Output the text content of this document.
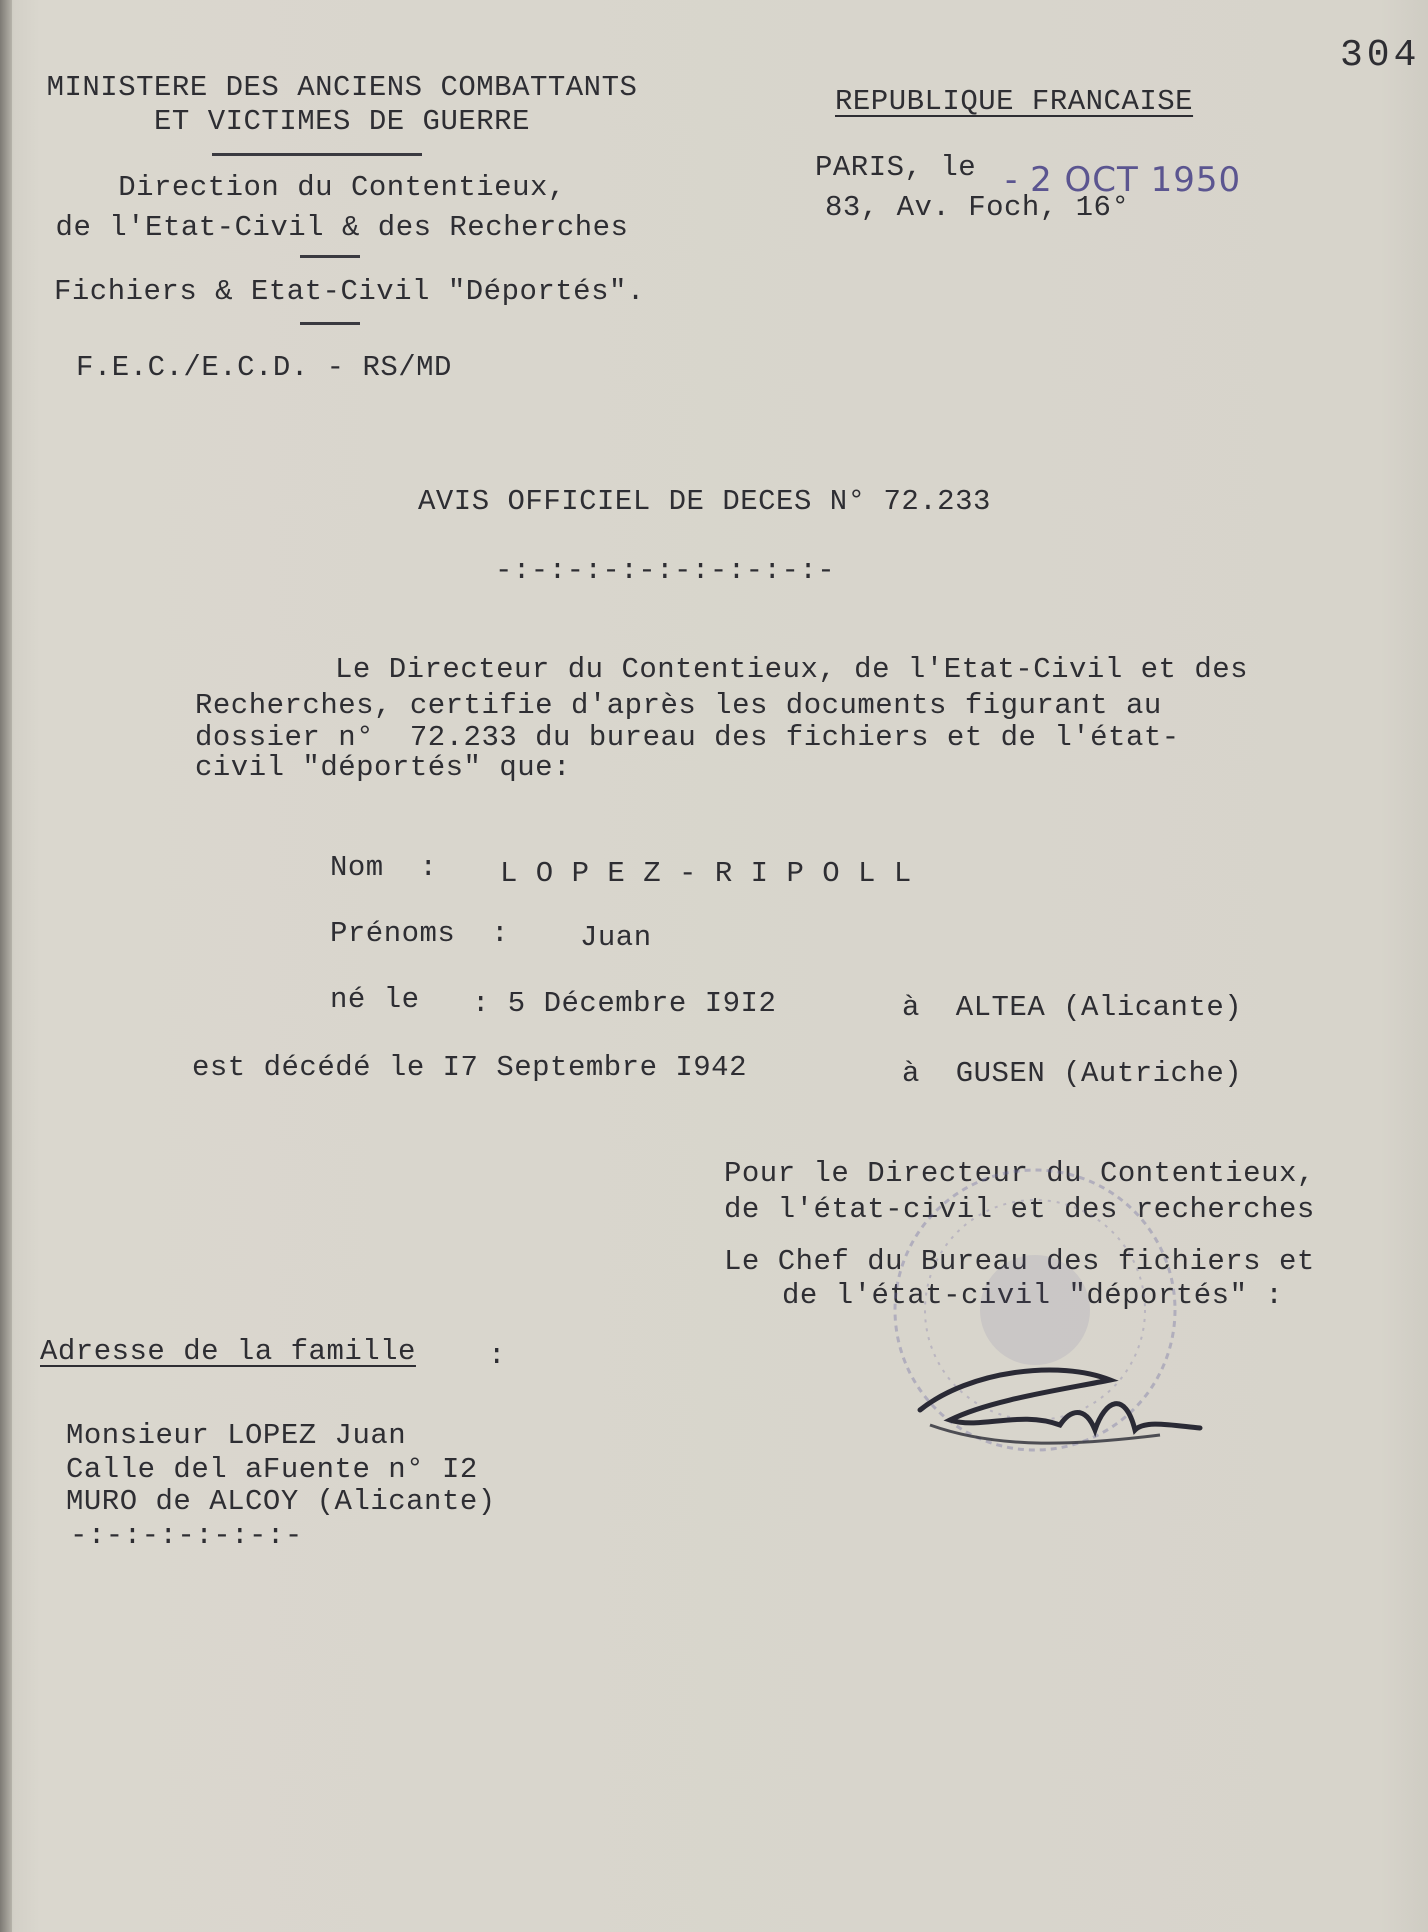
304
MINISTERE DES ANCIENS COMBATTANTS
ET VICTIMES DE GUERRE
Direction du Contentieux,
de l'Etat-Civil & des Recherches
Fichiers & Etat-Civil "Déportés".
F.E.C./E.C.D. - RS/MD
REPUBLIQUE FRANCAISE
PARIS, le - 2 OCT 1950
83, Av. Foch, 16°
AVIS OFFICIEL DE DECES N° 72.233
-:-:-:-:-:-:-:-:-:-
Le Directeur du Contentieux, de l'Etat-Civil et des
Recherches, certifie d'après les documents figurant au
dossier n°  72.233 du bureau des fichiers et de l'état-
civil "déportés" que:
Nom  : L O P E Z - R I P O L L
Prénoms  : Juan
né le : 5 Décembre I9I2	à  ALTEA (Alicante)
est décédé le I7 Septembre I942	à  GUSEN (Autriche)
Pour le Directeur du Contentieux,
de l'état-civil et des recherches
Le Chef du Bureau des fichiers et
de l'état-civil "déportés" :
Adresse de la famille :
Monsieur LOPEZ Juan
Calle del aFuente n° I2
MURO de ALCOY (Alicante)
-:-:-:-:-:-:-
